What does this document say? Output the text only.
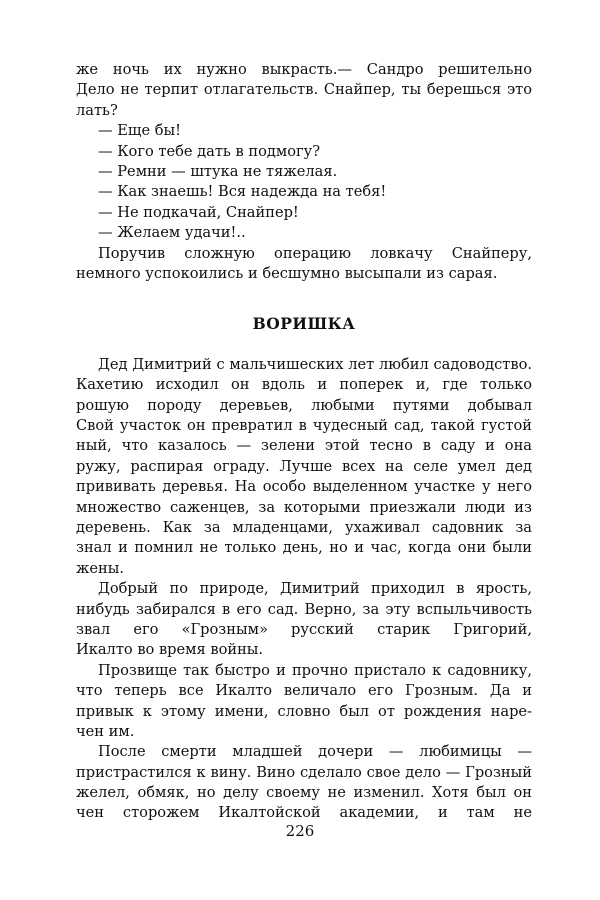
же ночь их нужно выкрасть.— Сандро решительно
Дело не терпит отлагательств. Снайпер, ты берешься это
лать?
— Еще бы!
— Кого тебе дать в подмогу?
— Ремни — штука не тяжелая.
— Как знаешь! Вся надежда на тебя!
— Не подкачай, Снайпер!
— Желаем удачи!..
Поручив сложную операцию ловкачу Снайперу,
немного успокоились и бесшумно высыпали из сарая.
ВОРИШКА
Дед Димитрий с мальчишеских лет любил садоводство.
Кахетию исходил он вдоль и поперек и, где только
рошую породу деревьев, любыми путями добывал
Свой участок он превратил в чудесный сад, такой густой
ный, что казалось — зелени этой тесно в саду и она
ружу, распирая ограду. Лучше всех на селе умел дед
прививать деревья. На особо выделенном участке у него
множество саженцев, за которыми приезжали люди из
деревень. Как за младенцами, ухаживал садовник за
знал и помнил не только день, но и час, когда они были
жены.
Добрый по природе, Димитрий приходил в ярость,
нибудь забирался в его сад. Верно, за эту вспыльчивость
звал его «Грозным» русский старик Григорий,
Икалто во время войны.
Прозвище так быстро и прочно пристало к садовнику,
что теперь все Икалто величало его Грозным. Да и
привык к этому имени, словно был от рождения наре-
чен им.
После смерти младшей дочери — любимицы —
пристрастился к вину. Вино сделало свое дело — Грозный
желел, обмяк, но делу своему не изменил. Хотя был он
чен сторожем Икалтойской академии, и там не
226
